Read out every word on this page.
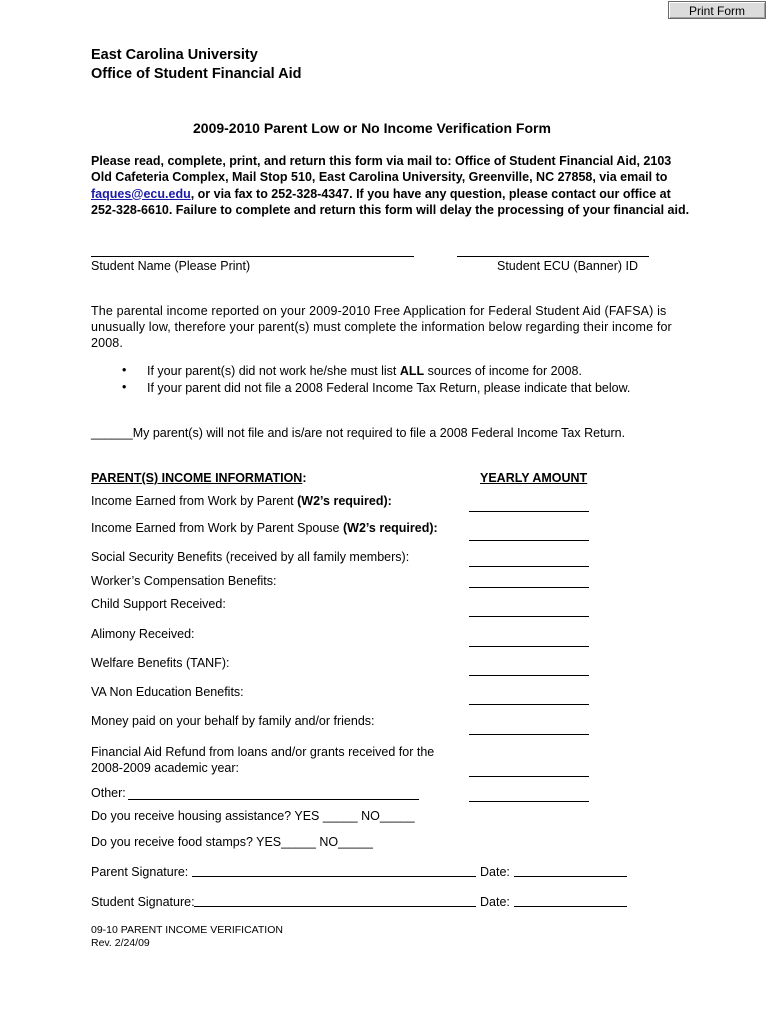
Print Form
East Carolina University
Office of Student Financial Aid
2009-2010 Parent Low or No Income Verification Form
Please read, complete, print, and return this form via mail to: Office of Student Financial Aid, 2103 Old Cafeteria Complex, Mail Stop 510, East Carolina University, Greenville, NC 27858, via email to faques@ecu.edu, or via fax to 252-328-4347. If you have any question, please contact our office at 252-328-6610. Failure to complete and return this form will delay the processing of your financial aid.
Student Name (Please Print)	Student ECU (Banner) ID
The parental income reported on your 2009-2010 Free Application for Federal Student Aid (FAFSA) is unusually low, therefore your parent(s) must complete the information below regarding their income for 2008.
• If your parent(s) did not work he/she must list ALL sources of income for 2008.
• If your parent did not file a 2008 Federal Income Tax Return, please indicate that below.
______My parent(s) will not file and is/are not required to file a 2008 Federal Income Tax Return.
PARENT(S) INCOME INFORMATION:	YEARLY AMOUNT
Income Earned from Work by Parent (W2’s required):
Income Earned from Work by Parent Spouse (W2’s required):
Social Security Benefits (received by all family members):
Worker’s Compensation Benefits:
Child Support Received:
Alimony Received:
Welfare Benefits (TANF):
VA Non Education Benefits:
Money paid on your behalf by family and/or friends:
Financial Aid Refund from loans and/or grants received for the
2008-2009 academic year:
Other:
Do you receive housing assistance? YES _____ NO_____
Do you receive food stamps? YES_____ NO_____
Parent Signature:	Date:
Student Signature:	Date:
09-10 PARENT INCOME VERIFICATION
Rev. 2/24/09
